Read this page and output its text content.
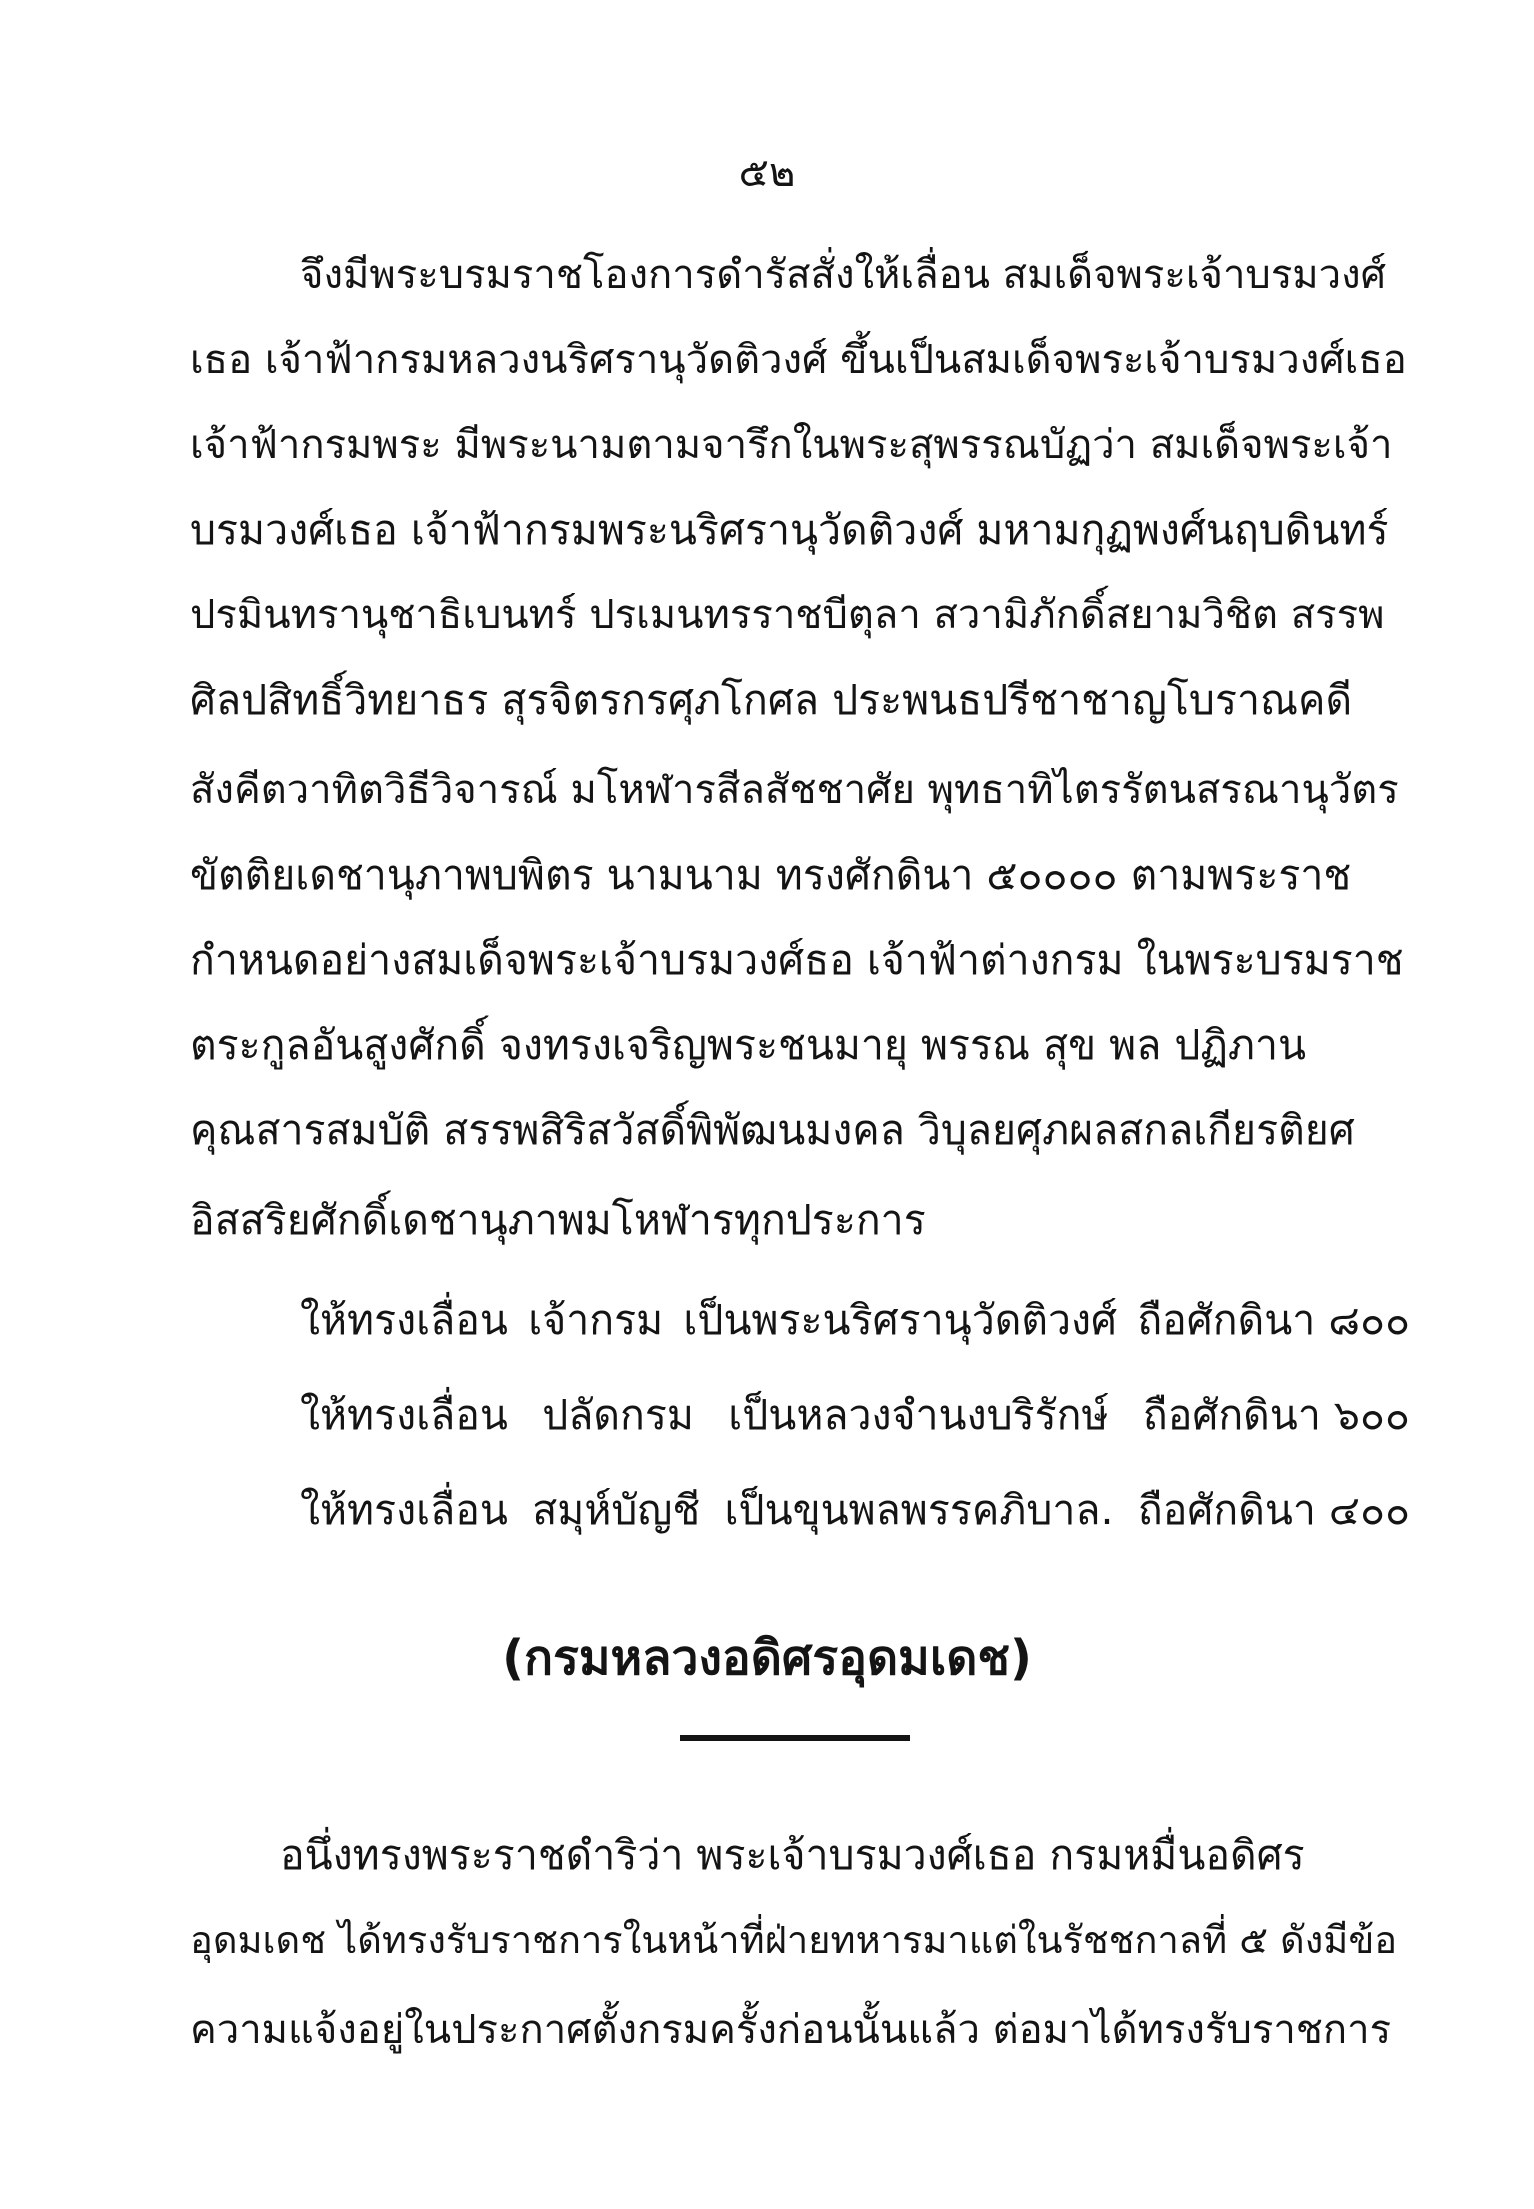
๕๒
จึงมีพระบรมราชโองการดำรัสสั่งให้เลื่อน สมเด็จพระเจ้าบรมวงศ์
เธอ เจ้าฟ้ากรมหลวงนริศรานุวัดติวงศ์ ขึ้นเป็นสมเด็จพระเจ้าบรมวงศ์เธอ
เจ้าฟ้ากรมพระ มีพระนามตามจารึกในพระสุพรรณบัฏว่า สมเด็จพระเจ้า
บรมวงศ์เธอ เจ้าฟ้ากรมพระนริศรานุวัดติวงศ์ มหามกุฏพงศ์นฤบดินทร์
ปรมินทรานุชาธิเบนทร์ ปรเมนทรราชบีตุลา สวามิภักดิ์สยามวิชิต สรรพ
ศิลปสิทธิ์วิทยาธร สุรจิตรกรศุภโกศล ประพนธปรีชาชาญโบราณคดี
สังคีตวาทิตวิธีวิจารณ์ มโหฬารสีลสัชชาศัย พุทธาทิไตรรัตนสรณานุวัตร
ขัตติยเดชานุภาพบพิตร นามนาม ทรงศักดินา ๕๐๐๐๐ ตามพระราช
กำหนดอย่างสมเด็จพระเจ้าบรมวงศ์ธอ เจ้าฟ้าต่างกรม ในพระบรมราช
ตระกูลอันสูงศักดิ์ จงทรงเจริญพระชนมายุ พรรณ สุข พล ปฏิภาน
คุณสารสมบัติ สรรพสิริสวัสดิ์พิพัฒนมงคล วิบุลยศุภผลสกลเกียรติยศ
อิสสริยศักดิ์เดชานุภาพมโหฬารทุกประการ
ให้ทรงเลื่อน เจ้ากรม เป็นพระนริศรานุวัดติวงศ์ ถือศักดินา ๘๐๐
ให้ทรงเลื่อน ปลัดกรม เป็นหลวงจำนงบริรักษ์ ถือศักดินา ๖๐๐
ให้ทรงเลื่อน สมุห์บัญชี เป็นขุนพลพรรคภิบาล. ถือศักดินา ๔๐๐
(กรมหลวงอดิศรอุดมเดช)
อนึ่งทรงพระราชดำริว่า พระเจ้าบรมวงศ์เธอ กรมหมื่นอดิศร
อุดมเดช ได้ทรงรับราชการในหน้าที่ฝ่ายทหารมาแต่ในรัชชกาลที่ ๕ ดังมีข้อ
ความแจ้งอยู่ในประกาศตั้งกรมครั้งก่อนนั้นแล้ว ต่อมาได้ทรงรับราชการ
